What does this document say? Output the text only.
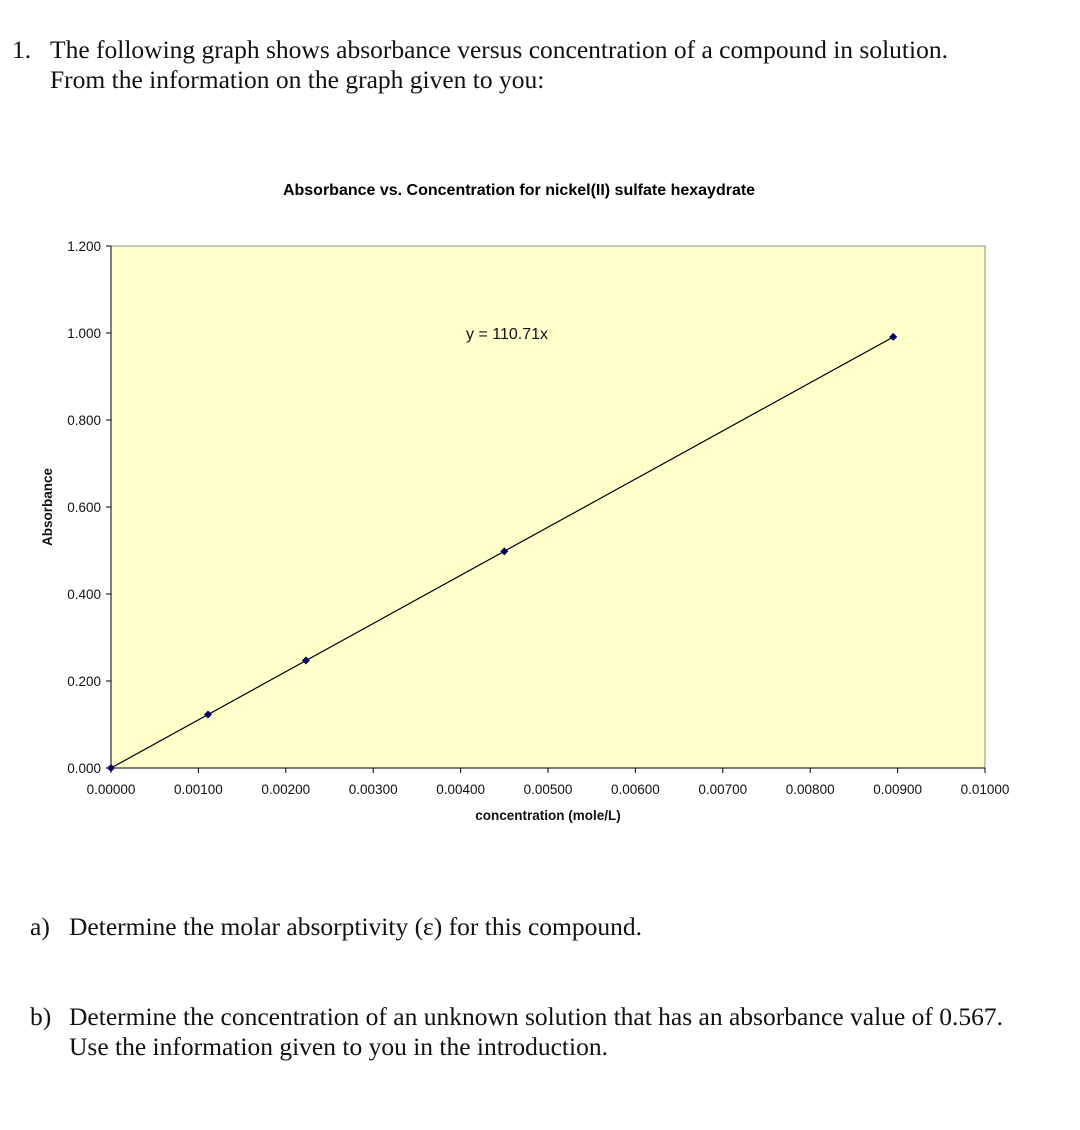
1. The following graph shows absorbance versus concentration of a compound in solution.
From the information on the graph given to you:
Absorbance vs. Concentration for nickel(II) sulfate hexaydrate
0.000
0.200
0.400
0.600
0.800
1.000
1.200
0.00000	0.00100	0.00200	0.00300	0.00400	0.00500	0.00600	0.00700	0.00800	0.00900	0.01000
Absorbance
concentration (mole/L)
y = 110.71x
a) Determine the molar absorptivity (ε) for this compound.
b) Determine the concentration of an unknown solution that has an absorbance value of 0.567.
Use the information given to you in the introduction.
